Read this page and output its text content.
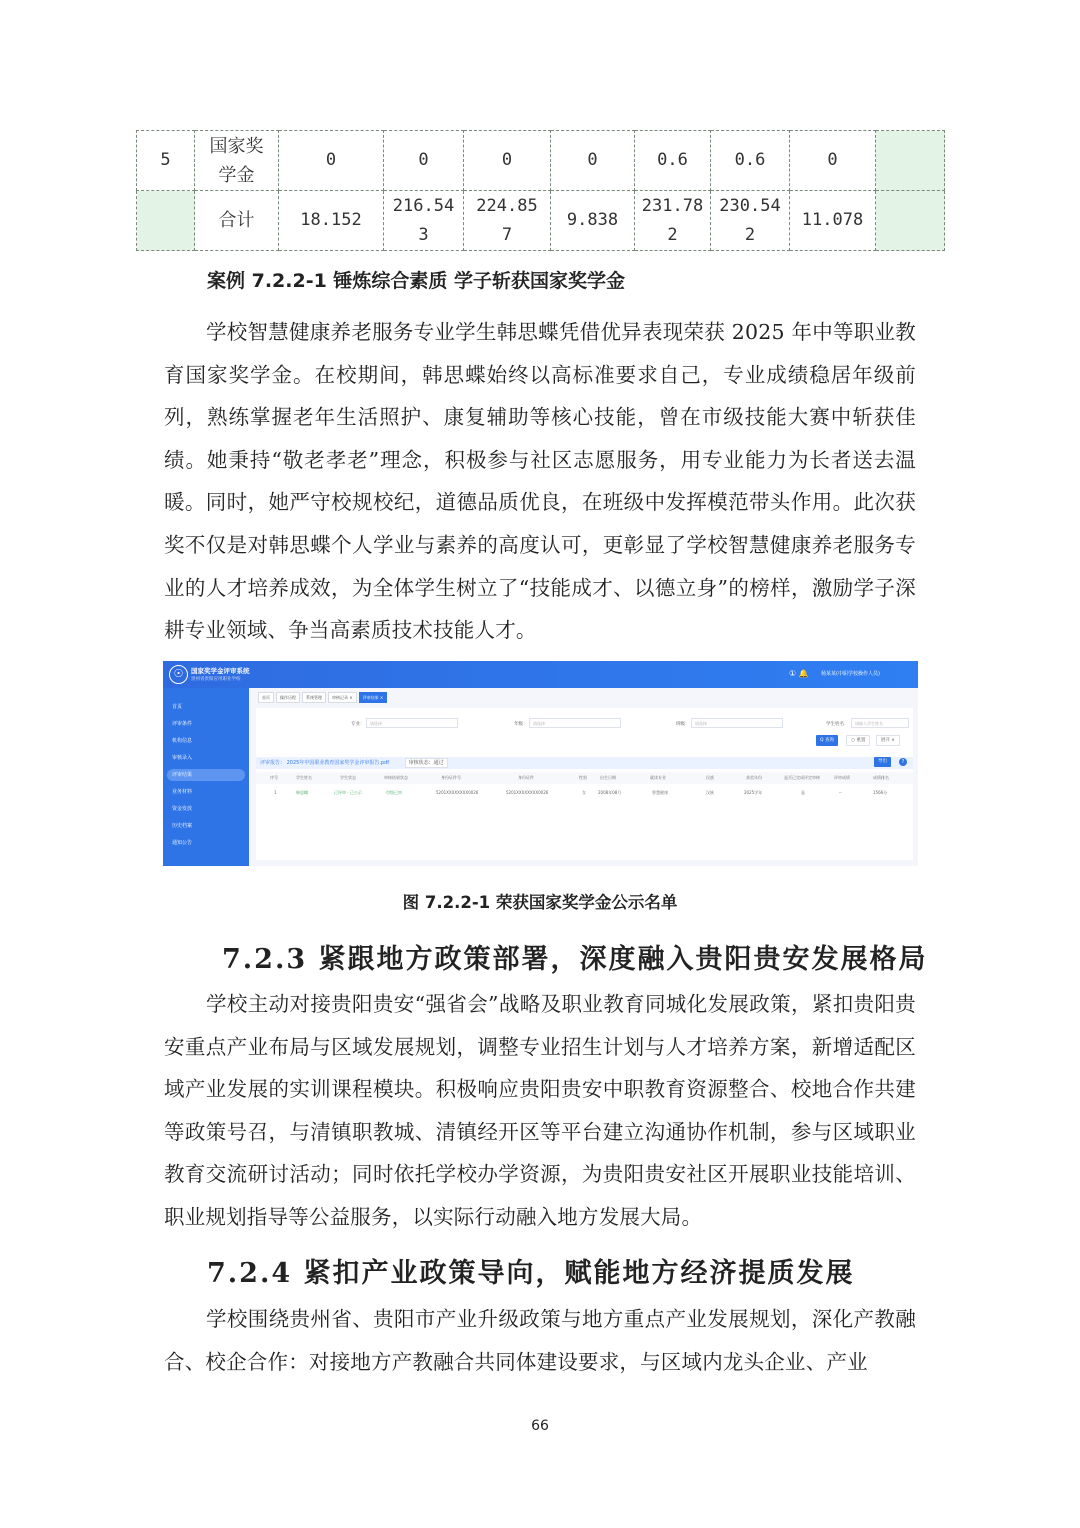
5	国家奖学金	0	0	0	0	0.6	0.6	0	
	合计	18.152	216.543	224.857	9.838	231.782	230.542	11.078	
案例 7.2.2-1 锤炼综合素质 学子斩获国家奖学金

学校智慧健康养老服务专业学生韩思蝶凭借优异表现荣获 2025 年中等职业教育国家奖学金。在校期间，韩思蝶始终以高标准要求自己，专业成绩稳居年级前列，熟练掌握老年生活照护、康复辅助等核心技能，曾在市级技能大赛中斩获佳绩。她秉持“敬老孝老”理念，积极参与社区志愿服务，用专业能力为长者送去温暖。同时，她严守校规校纪，道德品质优良，在班级中发挥模范带头作用。此次获奖不仅是对韩思蝶个人学业与素养的高度认可，更彰显了学校智慧健康养老服务专业的人才培养成效，为全体学生树立了“技能成才、以德立身”的榜样，激励学子深耕专业领域、争当高素质技术技能人才。

☉	国家奖学金评审系统
贵州省贵阳应用职业学校
① 🔔 杨某某(中职学校操作人员)
首页
评审条件
机构信息
审核录入
评审结果
业务材料
资金发放
历史档案
通知公告
首页	操作历程	系统管理	审核记录 ×	评审结果 ×
专业：	请选择	年级：	请选择	班级：	请选择	学生姓名：	请输入学生姓名
Q 查询	○ 重置	展开 ∨
评审报告： 2025年中国职业教育国家奖学金评审报告.pdf	审核状态：通过	导出	?
序号	学生姓名	学生状态	审核结果状态	身份证件号	身份证件	性别	出生日期	就读专业	民族	获奖年份	是否已完成评定审核	评审成绩	成绩排名
1	韩思蝶	已评审 · 已公示	市级已审	5201XXXXXXXX0026	5201XXXXXXXX0026	女	2008年08月	智慧健康	汉族	2025学年	是	--	1566分
图 7.2.2-1 荣获国家奖学金公示名单
7.2.3 紧跟地方政策部署，深度融入贵阳贵安发展格局

学校主动对接贵阳贵安“强省会”战略及职业教育同城化发展政策，紧扣贵阳贵安重点产业布局与区域发展规划，调整专业招生计划与人才培养方案，新增适配区域产业发展的实训课程模块。积极响应贵阳贵安中职教育资源整合、校地合作共建等政策号召，与清镇职教城、清镇经开区等平台建立沟通协作机制，参与区域职业教育交流研讨活动；同时依托学校办学资源，为贵阳贵安社区开展职业技能培训、职业规划指导等公益服务，以实际行动融入地方发展大局。

7.2.4 紧扣产业政策导向，赋能地方经济提质发展

学校围绕贵州省、贵阳市产业升级政策与地方重点产业发展规划，深化产教融合、校企合作：对接地方产教融合共同体建设要求，与区域内龙头企业、产业

66
